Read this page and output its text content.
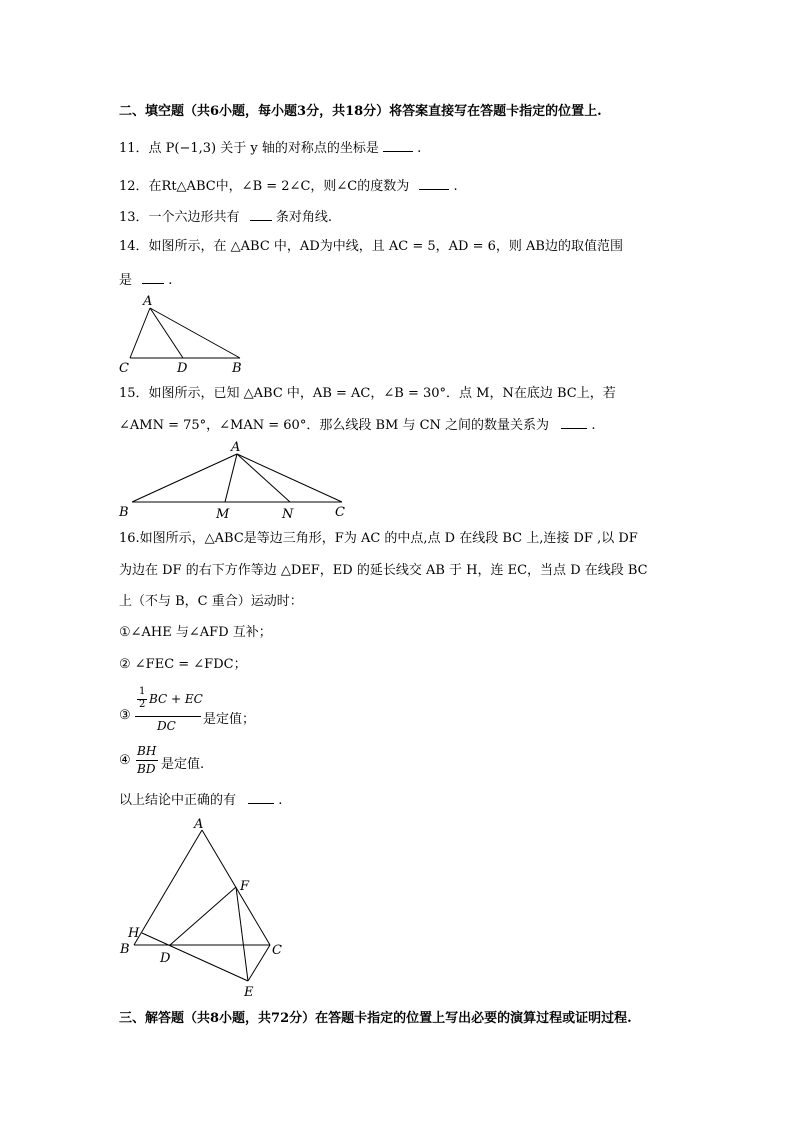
二、填空题（共6小题，每小题3分，共18分）将答案直接写在答题卡指定的位置上.
11．点 P(−1,3) 关于 y 轴的对称点的坐标是	.
12．在Rt△ABC中，∠B = 2∠C，则∠C的度数为	.
13．一个六边形共有	条对角线.
14．如图所示，在 △ABC 中，AD为中线，且 AC = 5，AD = 6，则 AB边的取值范围
是	.
A
C	D	B
15．如图所示，已知 △ABC 中，AB = AC，∠B = 30°．点 M，N在底边 BC上，若
∠AMN = 75°，∠MAN = 60°．那么线段 BM 与 CN 之间的数量关系为	.
A
B	M	N	C
16.如图所示，△ABC是等边三角形，F为 AC 的中点,点 D 在线段 BC 上,连接 DF ,以 DF
为边在 DF 的右下方作等边 △DEF，ED 的延长线交 AB 于 H，连 EC，当点 D 在线段 BC
上（不与 B，C 重合）运动时：
①∠AHE 与∠AFD 互补；
② ∠FEC = ∠FDC；
③
1
2 BC + EC
DC 是定值；
④
BH
BD 是定值.
以上结论中正确的有	.
A
F
H
B
D
C
E
三、解答题（共8小题，共72分）在答题卡指定的位置上写出必要的演算过程或证明过程.
